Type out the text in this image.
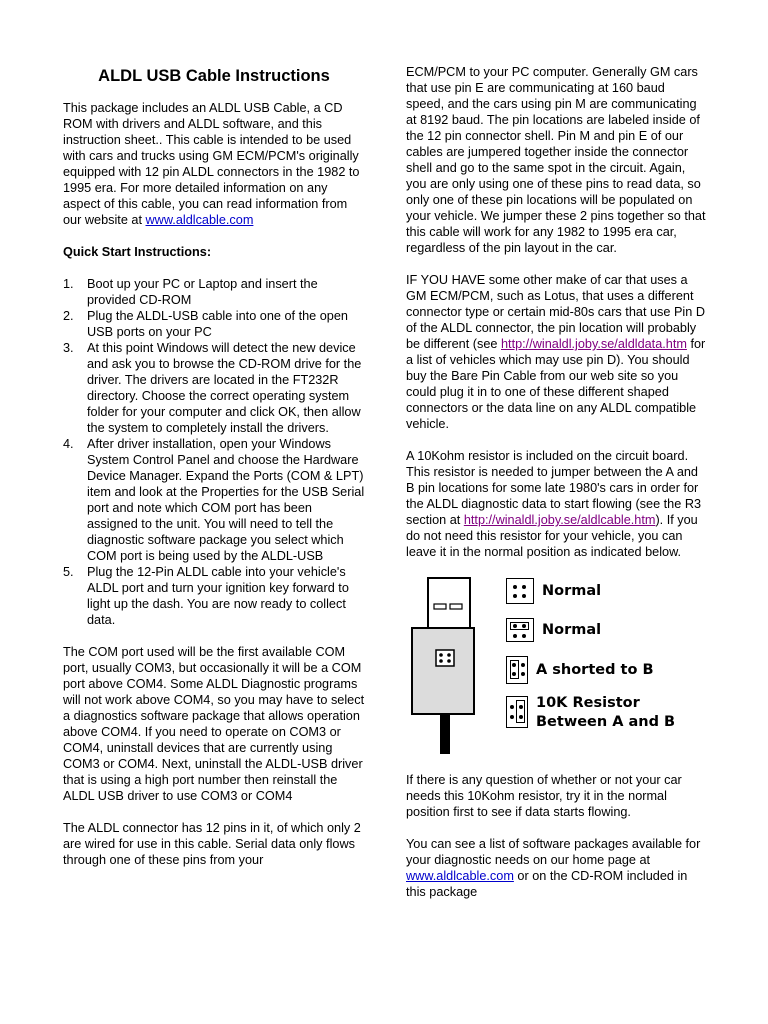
ALDL USB Cable Instructions

This package includes an ALDL USB Cable, a CD ROM with drivers and ALDL software, and this instruction sheet.. This cable is intended to be used with cars and trucks using GM ECM/PCM's originally equipped with 12 pin ALDL connectors in the 1982 to 1995 era. For more detailed information on any aspect of this cable, you can read information from our website at www.aldlcable.com

Quick Start Instructions:
1.	Boot up your PC or Laptop and insert the provided CD-ROM
2.	Plug the ALDL-USB cable into one of the open USB ports on your PC
3.	At this point Windows will detect the new device and ask you to browse the CD-ROM drive for the driver. The drivers are located in the FT232R directory. Choose the correct operating system folder for your computer and click OK, then allow the system to completely install the drivers.
4.	After driver installation, open your Windows System Control Panel and choose the Hardware Device Manager. Expand the Ports (COM & LPT) item and look at the Properties for the USB Serial port and note which COM port has been assigned to the unit. You will need to tell the diagnostic software package you select which COM port is being used by the ALDL-USB
5.	Plug the 12-Pin ALDL cable into your vehicle's ALDL port and turn your ignition key forward to light up the dash. You are now ready to collect data.

The COM port used will be the first available COM port, usually COM3, but occasionally it will be a COM port above COM4. Some ALDL Diagnostic programs will not work above COM4, so you may have to select a diagnostics software package that allows operation above COM4. If you need to operate on COM3 or COM4, uninstall devices that are currently using COM3 or COM4. Next, uninstall the ALDL-USB driver that is using a high port number then reinstall the ALDL USB driver to use COM3 or COM4

The ALDL connector has 12 pins in it, of which only 2 are wired for use in this cable. Serial data only flows through one of these pins from your

ECM/PCM to your PC computer. Generally GM cars that use pin E are communicating at 160 baud speed, and the cars using pin M are communicating at 8192 baud. The pin locations are labeled inside of the 12 pin connector shell. Pin M and pin E of our cables are jumpered together inside the connector shell and go to the same spot in the circuit. Again, you are only using one of these pins to read data, so only one of these pin locations will be populated on your vehicle. We jumper these 2 pins together so that this cable will work for any 1982 to 1995 era car, regardless of the pin layout in the car.

IF YOU HAVE some other make of car that uses a GM ECM/PCM, such as Lotus, that uses a different connector type or certain mid-80s cars that use Pin D of the ALDL connector, the pin location will probably be different (see http://winaldl.joby.se/aldldata.htm for a list of vehicles which may use pin D). You should buy the Bare Pin Cable from our web site so you could plug it in to one of these different shaped connectors or the data line on any ALDL compatible vehicle.

A 10Kohm resistor is included on the circuit board. This resistor is needed to jumper between the A and B pin locations for some late 1980's cars in order for the ALDL diagnostic data to start flowing (see the R3 section at http://winaldl.joby.se/aldlcable.htm). If you do not need this resistor for your vehicle, you can leave it in the normal position as indicated below.

Normal
Normal
A shorted to B
10K Resistor
Between A and B

If there is any question of whether or not your car needs this 10Kohm resistor, try it in the normal position first to see if data starts flowing.

You can see a list of software packages available for your diagnostic needs on our home page at www.aldlcable.com or on the CD-ROM included in this package
